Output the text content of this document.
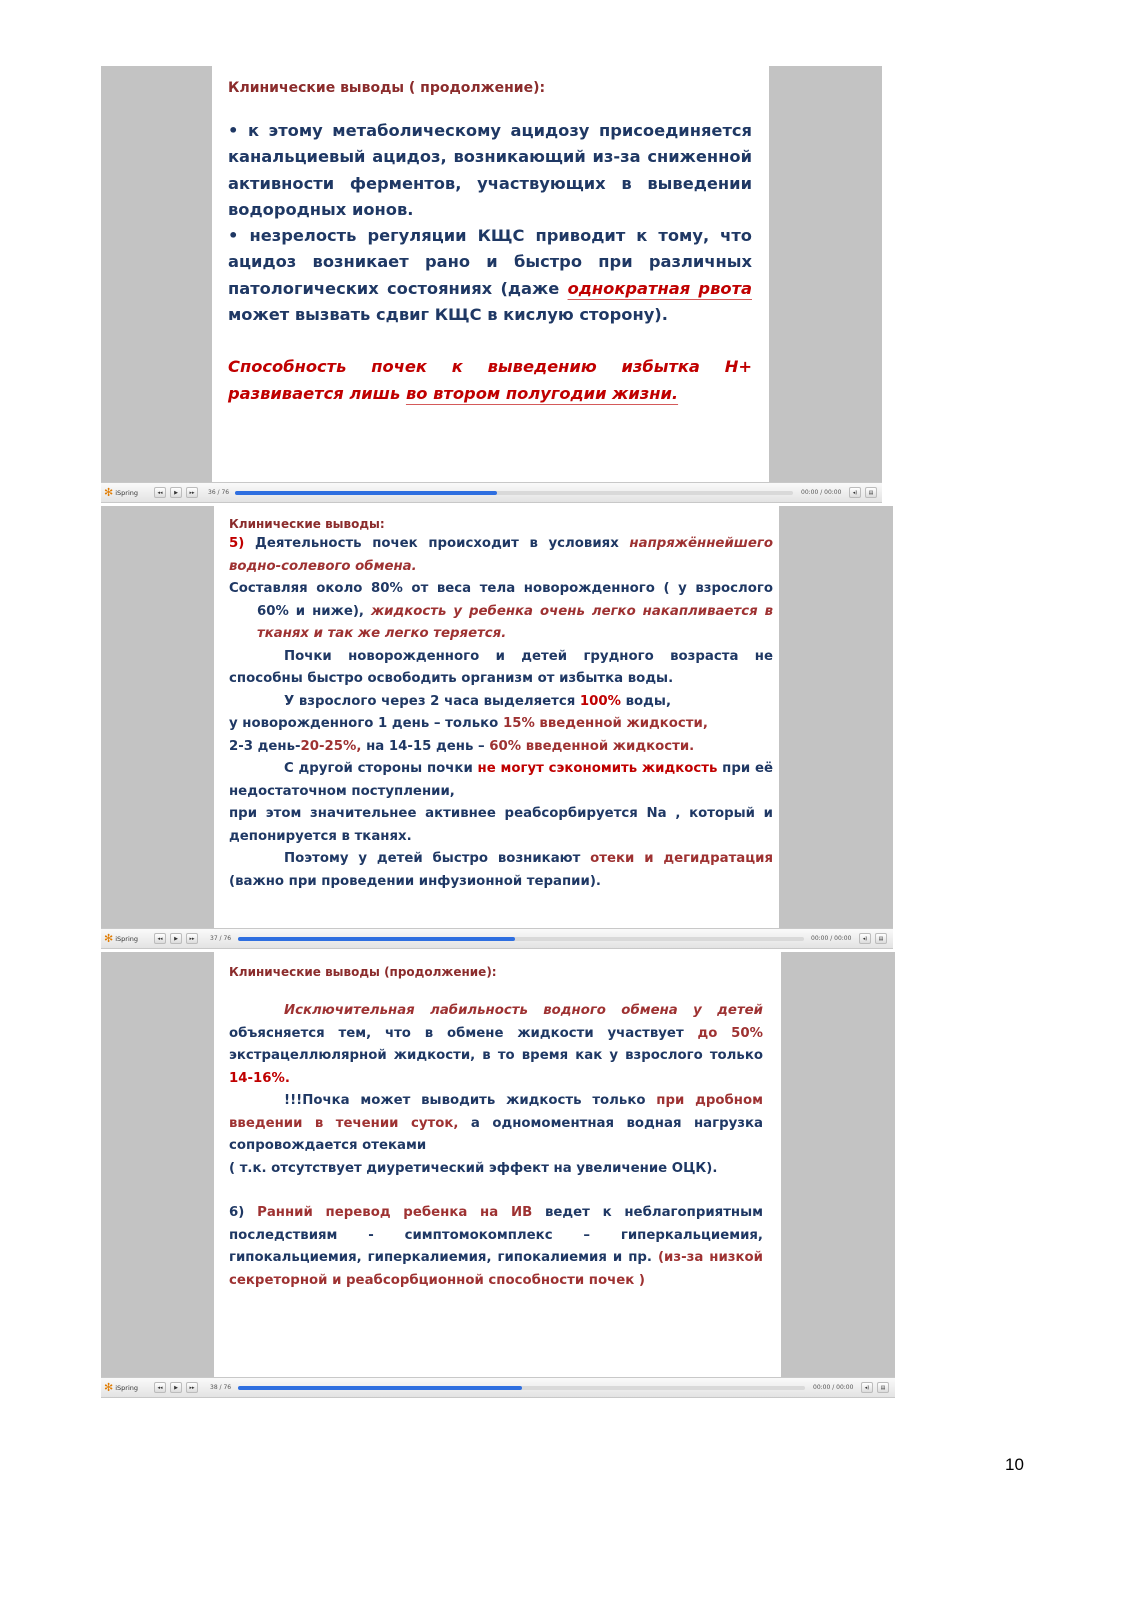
Клинические выводы ( продолжение):

• к этому метаболическому ацидозу присоединяется канальциевый ацидоз, возникающий из-за сниженной активности ферментов, участвующих в выведении водородных ионов.

• незрелость регуляции КЩС приводит к тому, что ацидоз возникает рано и быстро при различных патологических состояниях (даже однократная рвота может вызвать сдвиг КЩС в кислую сторону).

Способность почек к выведению избытка Н+ развивается лишь во втором полугодии жизни.

✻ iSpring	◂◂	▶	▸▸	36 / 76	00:00 / 00:00	◂)	▤
Клинические выводы:

5) Деятельность почек происходит в условиях напряжённейшего водно-солевого обмена.

Составляя около 80% от веса тела новорожденного ( у взрослого 60% и ниже), жидкость у ребенка очень легко накапливается в тканях и так же легко теряется.

Почки новорожденного и детей грудного возраста не способны быстро освободить организм от избытка воды.

У взрослого через 2 часа выделяется 100% воды,

у новорожденного 1 день – только 15% введенной жидкости,

2-3 день-20-25%, на 14-15 день – 60% введенной жидкости.

С другой стороны почки не могут сэкономить жидкость при её недостаточном поступлении,

при этом значительнее активнее реабсорбируется Na , который и депонируется в тканях.

Поэтому у детей быстро возникают отеки и дегидратация (важно при проведении инфузионной терапии).

✻ iSpring	◂◂	▶	▸▸	37 / 76	00:00 / 00:00	◂)	▤
Клинические выводы (продолжение):

Исключительная лабильность водного обмена у детей объясняется тем, что в обмене жидкости участвует до 50% экстрацеллюлярной жидкости, в то время как у взрослого только 14-16%.

!!!Почка может выводить жидкость только при дробном введении в течении суток, а одномоментная водная нагрузка сопровождается отеками

( т.к. отсутствует диуретический эффект на увеличение ОЦК).

6) Ранний перевод ребенка на ИВ ведет к неблагоприятным последствиям - симптомокомплекс – гиперкальциемия, гипокальциемия, гиперкалиемия, гипокалиемия и пр. (из-за низкой секреторной и реабсорбционной способности почек )

✻ iSpring	◂◂	▶	▸▸	38 / 76	00:00 / 00:00	◂)	▤
10
